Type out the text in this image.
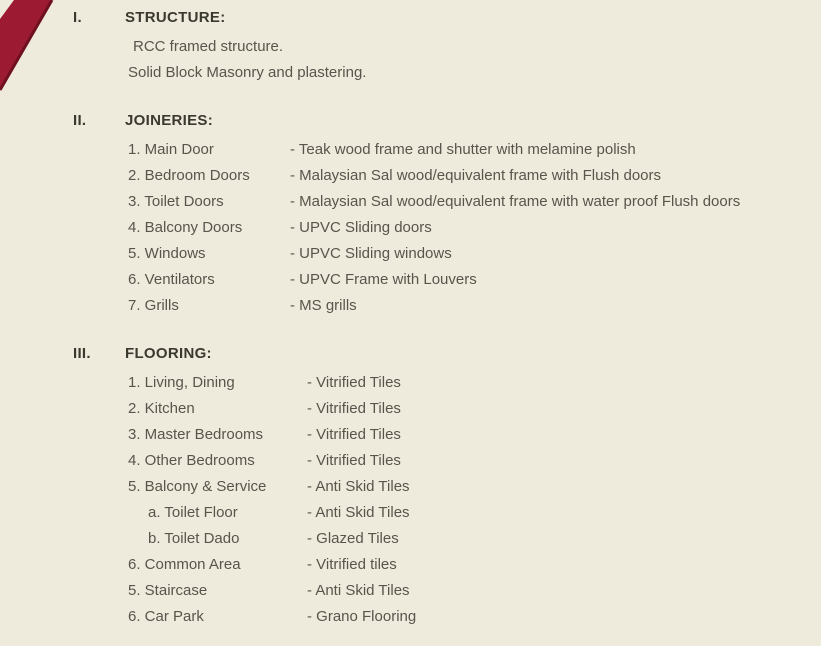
I.	STRUCTURE:
RCC framed structure.
Solid Block Masonry and plastering.
II.	JOINERIES:
1. Main Door	- Teak wood frame and shutter with melamine polish
2. Bedroom Doors	- Malaysian Sal wood/equivalent frame with Flush doors
3. Toilet Doors	- Malaysian Sal wood/equivalent frame with water proof Flush doors
4. Balcony Doors	- UPVC Sliding doors
5. Windows	- UPVC Sliding windows
6. Ventilators	- UPVC Frame with Louvers
7. Grills	- MS grills
III.	FLOORING:
1. Living, Dining	- Vitrified Tiles
2. Kitchen	- Vitrified Tiles
3. Master Bedrooms	- Vitrified Tiles
4. Other Bedrooms	- Vitrified Tiles
5. Balcony & Service	- Anti Skid Tiles
a. Toilet Floor	- Anti Skid Tiles
b. Toilet Dado	- Glazed Tiles
6. Common Area	- Vitrified tiles
5. Staircase	- Anti Skid Tiles
6. Car Park	- Grano Flooring
